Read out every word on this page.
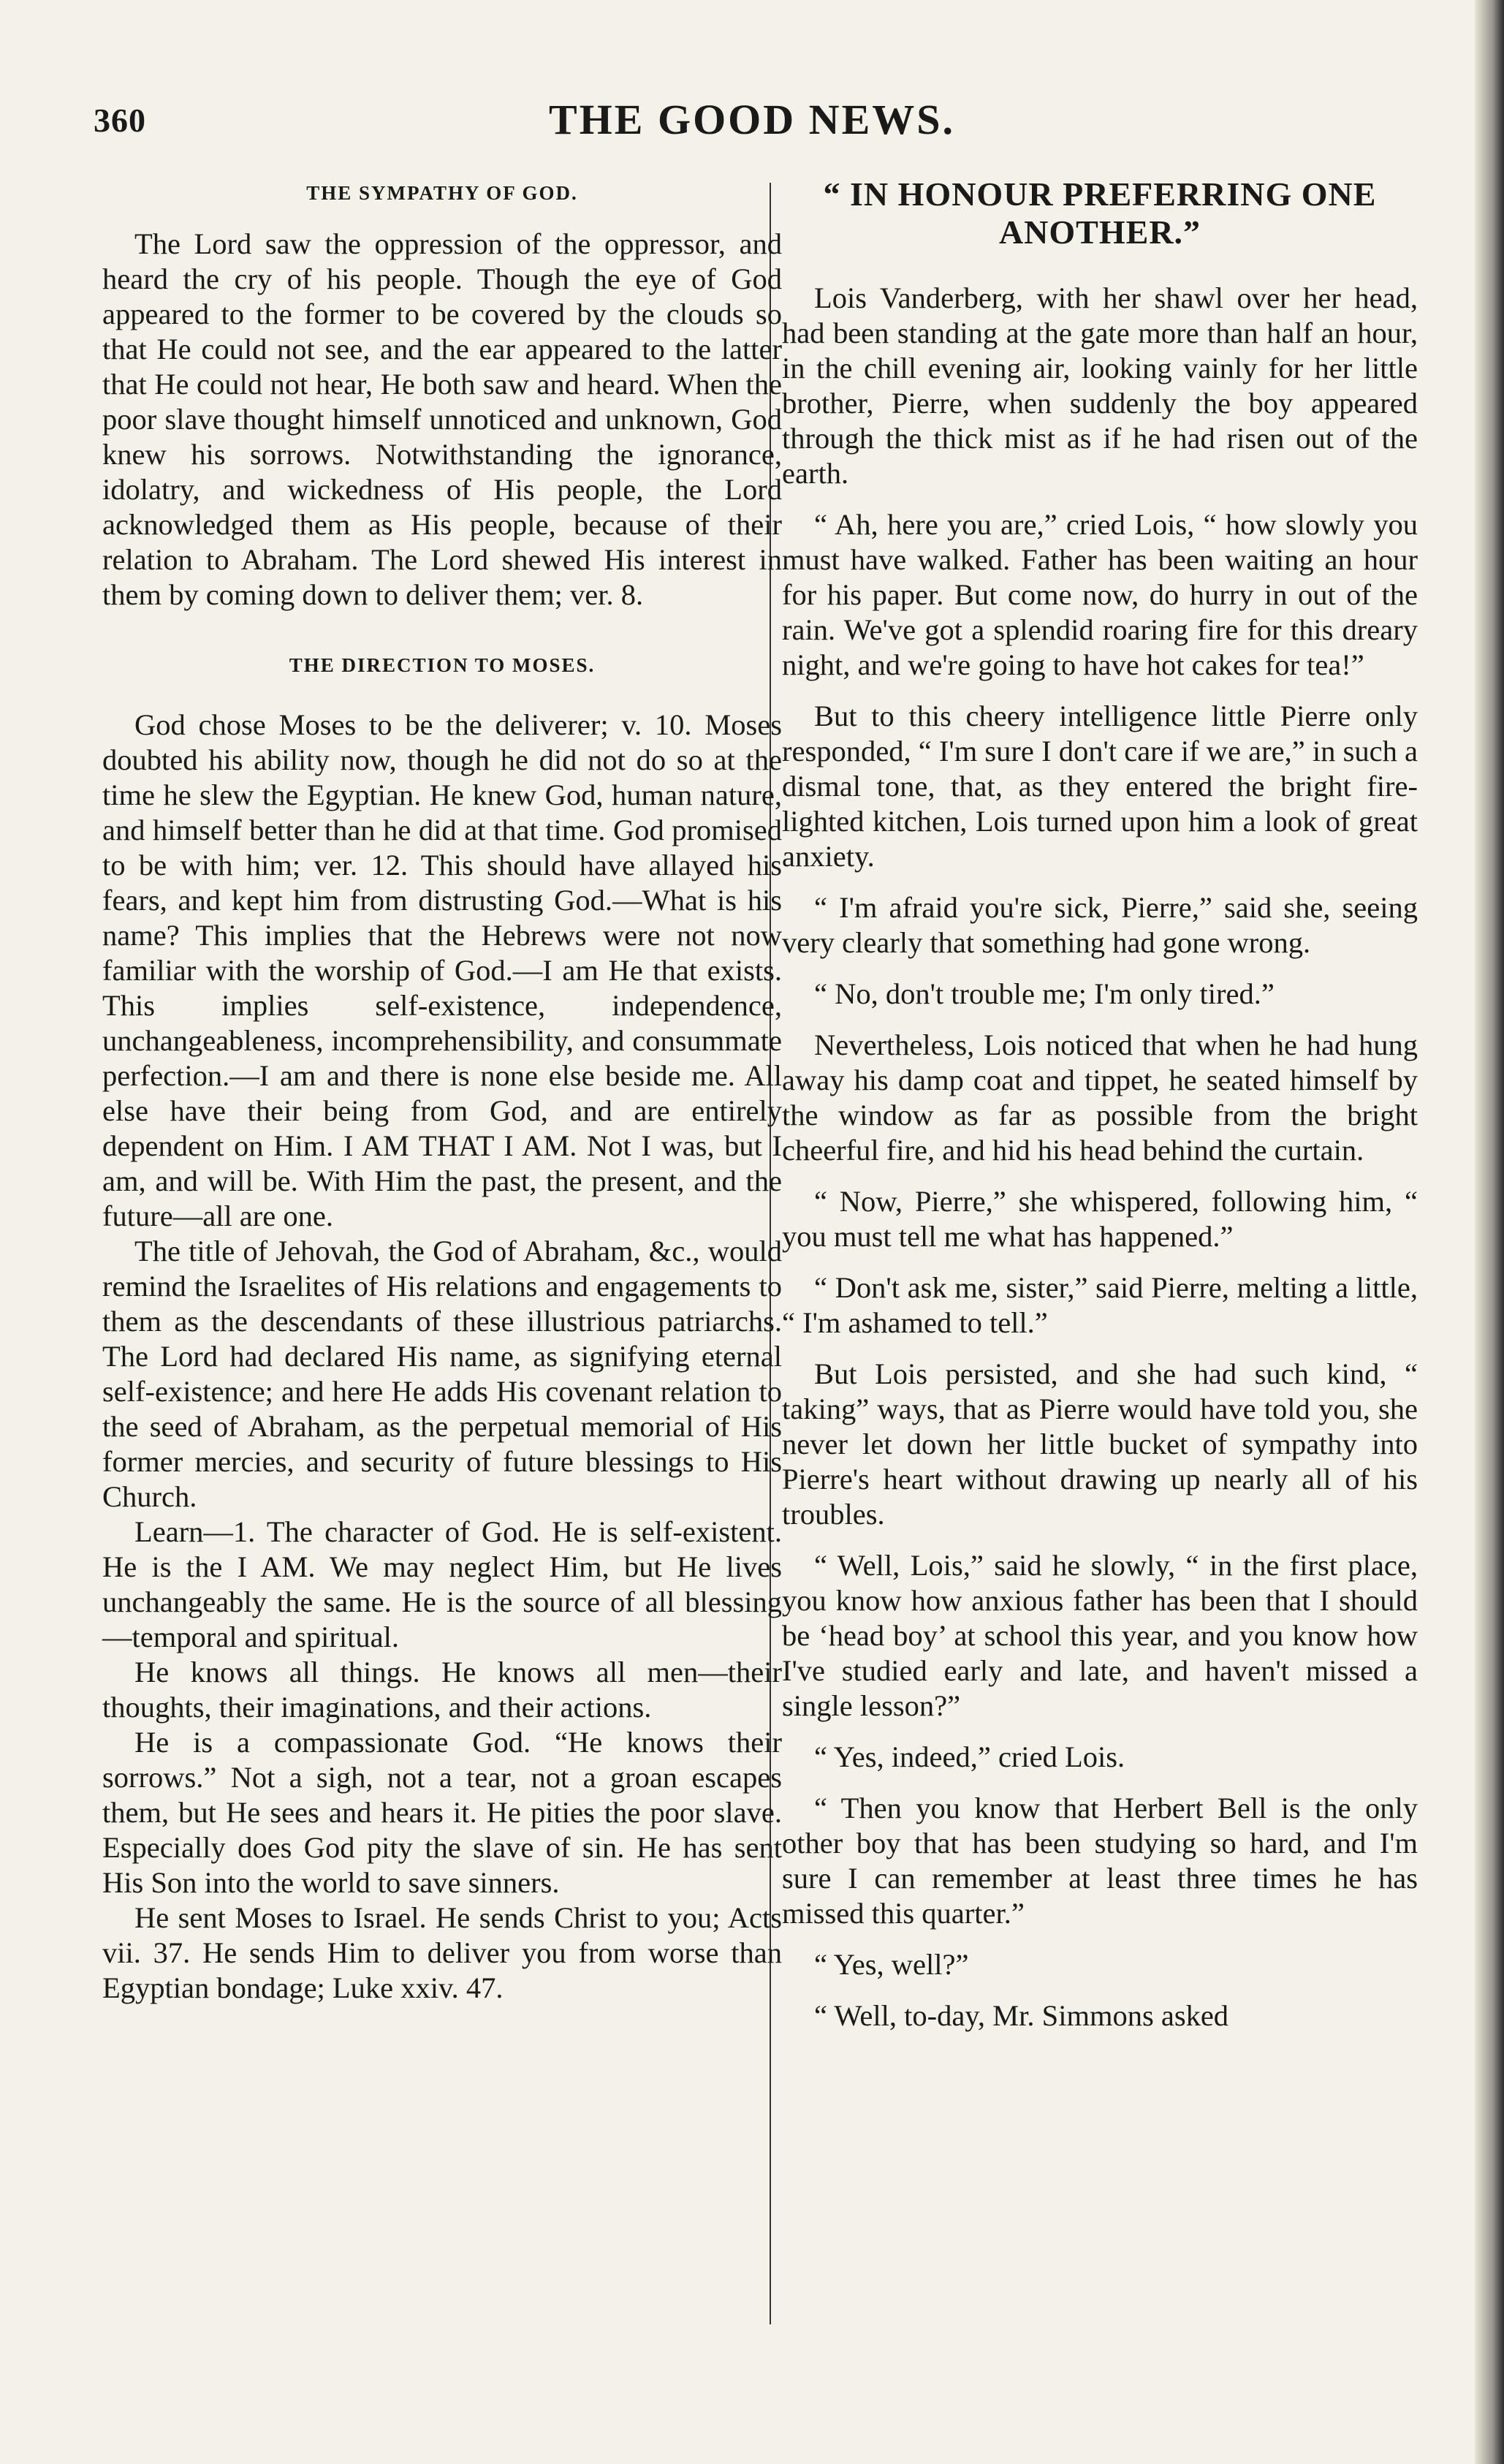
360	THE GOOD NEWS.
THE SYMPATHY OF GOD.

The Lord saw the oppression of the oppressor, and heard the cry of his people. Though the eye of God appeared to the former to be covered by the clouds so that He could not see, and the ear appeared to the latter that He could not hear, He both saw and heard. When the poor slave thought himself unnoticed and unknown, God knew his sorrows. Notwithstanding the ignorance, idolatry, and wickedness of His people, the Lord acknowledged them as His people, because of their relation to Abraham. The Lord shewed His interest in them by coming down to deliver them; ver. 8.

THE DIRECTION TO MOSES.

God chose Moses to be the deliverer; v. 10. Moses doubted his ability now, though he did not do so at the time he slew the Egyptian. He knew God, human nature, and himself better than he did at that time. God promised to be with him; ver. 12. This should have allayed his fears, and kept him from distrusting God.—What is his name? This implies that the Hebrews were not now familiar with the worship of God.—I am He that exists. This implies self-existence, independence, unchangeableness, incomprehensibility, and consummate perfection.—I am and there is none else beside me. All else have their being from God, and are entirely dependent on Him. I AM THAT I AM. Not I was, but I am, and will be. With Him the past, the present, and the future—all are one.

The title of Jehovah, the God of Abraham, &c., would remind the Israelites of His relations and engagements to them as the descendants of these illustrious patriarchs. The Lord had declared His name, as signifying eternal self-existence; and here He adds His covenant relation to the seed of Abraham, as the perpetual memorial of His former mercies, and security of future blessings to His Church.

Learn—1. The character of God. He is self-existent. He is the I AM. We may neglect Him, but He lives unchangeably the same. He is the source of all blessing—temporal and spiritual.

He knows all things. He knows all men—their thoughts, their imaginations, and their actions.

He is a compassionate God. “He knows their sorrows.” Not a sigh, not a tear, not a groan escapes them, but He sees and hears it. He pities the poor slave. Especially does God pity the slave of sin. He has sent His Son into the world to save sinners.

He sent Moses to Israel. He sends Christ to you; Acts vii. 37. He sends Him to deliver you from worse than Egyptian bondage; Luke xxiv. 47.

“ IN HONOUR PREFERRING ONE ANOTHER.”

Lois Vanderberg, with her shawl over her head, had been standing at the gate more than half an hour, in the chill evening air, looking vainly for her little brother, Pierre, when suddenly the boy appeared through the thick mist as if he had risen out of the earth.

“ Ah, here you are,” cried Lois, “ how slowly you must have walked. Father has been waiting an hour for his paper. But come now, do hurry in out of the rain. We've got a splendid roaring fire for this dreary night, and we're going to have hot cakes for tea!”

But to this cheery intelligence little Pierre only responded, “ I'm sure I don't care if we are,” in such a dismal tone, that, as they entered the bright fire-lighted kitchen, Lois turned upon him a look of great anxiety.

“ I'm afraid you're sick, Pierre,” said she, seeing very clearly that something had gone wrong.

“ No, don't trouble me; I'm only tired.”

Nevertheless, Lois noticed that when he had hung away his damp coat and tippet, he seated himself by the window as far as possible from the bright cheerful fire, and hid his head behind the curtain.

“ Now, Pierre,” she whispered, following him, “ you must tell me what has happened.”

“ Don't ask me, sister,” said Pierre, melting a little, “ I'm ashamed to tell.”

But Lois persisted, and she had such kind, “ taking” ways, that as Pierre would have told you, she never let down her little bucket of sympathy into Pierre's heart without drawing up nearly all of his troubles.

“ Well, Lois,” said he slowly, “ in the first place, you know how anxious father has been that I should be ‘head boy’ at school this year, and you know how I've studied early and late, and haven't missed a single lesson?”

“ Yes, indeed,” cried Lois.

“ Then you know that Herbert Bell is the only other boy that has been studying so hard, and I'm sure I can remember at least three times he has missed this quarter.”

“ Yes, well?”

“ Well, to-day, Mr. Simmons asked
